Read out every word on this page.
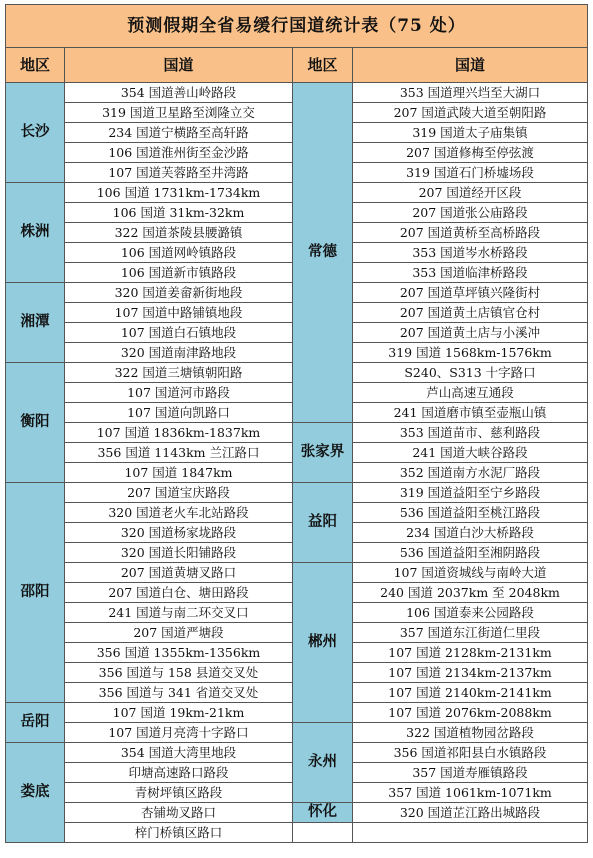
预测假期全省易缓行国道统计表（75 处）			
地区	国道	地区	国道
长沙	354 国道善山岭路段	常德	353 国道理兴垱至大湖口
	319 国道卫星路至浏隆立交		207 国道武陵大道至朝阳路
	234 国道宁横路至高轩路		319 国道太子庙集镇
	106 国道淮州街至金沙路		207 国道修梅至停弦渡
	107 国道芙蓉路至井湾路		319 国道石门桥墟场段
株洲	106 国道 1731km-1734km		207 国道经开区段
	106 国道 31km-32km		207 国道张公庙路段
	322 国道茶陵县腰潞镇		207 国道黄桥至高桥路段
	106 国道网岭镇路段		353 国道岑水桥路段
	106 国道新市镇路段		353 国道临津桥路段
湘潭	320 国道姜畲新街地段		207 国道草坪镇兴隆街村
	107 国道中路铺镇地段		207 国道黄土店镇官仓村
	107 国道白石镇地段		207 国道黄土店与小溪冲
	320 国道南津路地段		319 国道 1568km-1576km
衡阳	322 国道三塘镇朝阳路		S240、S313 十字路口
	107 国道河市路段		芦山高速互通段
	107 国道向凯路口		241 国道磨市镇至壶瓶山镇
	107 国道 1836km-1837km	张家界	353 国道苗市、慈利路段
	356 国道 1143km 兰江路口		241 国道大峡谷路段
	107 国道 1847km		352 国道南方水泥厂路段
邵阳	207 国道宝庆路段	益阳	319 国道益阳至宁乡路段
	320 国道老火车北站路段		536 国道益阳至桃江路段
	320 国道杨家垅路段		234 国道白沙大桥路段
	320 国道长阳铺路段		536 国道益阳至湘阴路段
	207 国道黄塘叉路口	郴州	107 国道资城线与南岭大道
	207 国道白仓、塘田路段		240 国道 2037km 至 2048km
	241 国道与南二环交叉口		106 国道泰来公园路段
	207 国道严塘段		357 国道东江街道仁里段
	356 国道 1355km-1356km		107 国道 2128km-2131km
	356 国道与 158 县道交叉处		107 国道 2134km-2137km
	356 国道与 341 省道交叉处		107 国道 2140km-2141km
岳阳	107 国道 19km-21km		107 国道 2076km-2088km
	107 国道月亮湾十字路口	永州	322 国道植物园岔路段
娄底	354 国道大湾里地段		356 国道祁阳县白水镇路段
	印塘高速路口路段		357 国道寿雁镇路段
	青树坪镇区路段		357 国道 1061km-1071km
	杏铺坳叉路口	怀化	320 国道芷江路出城路段
	梓门桥镇区路口		
